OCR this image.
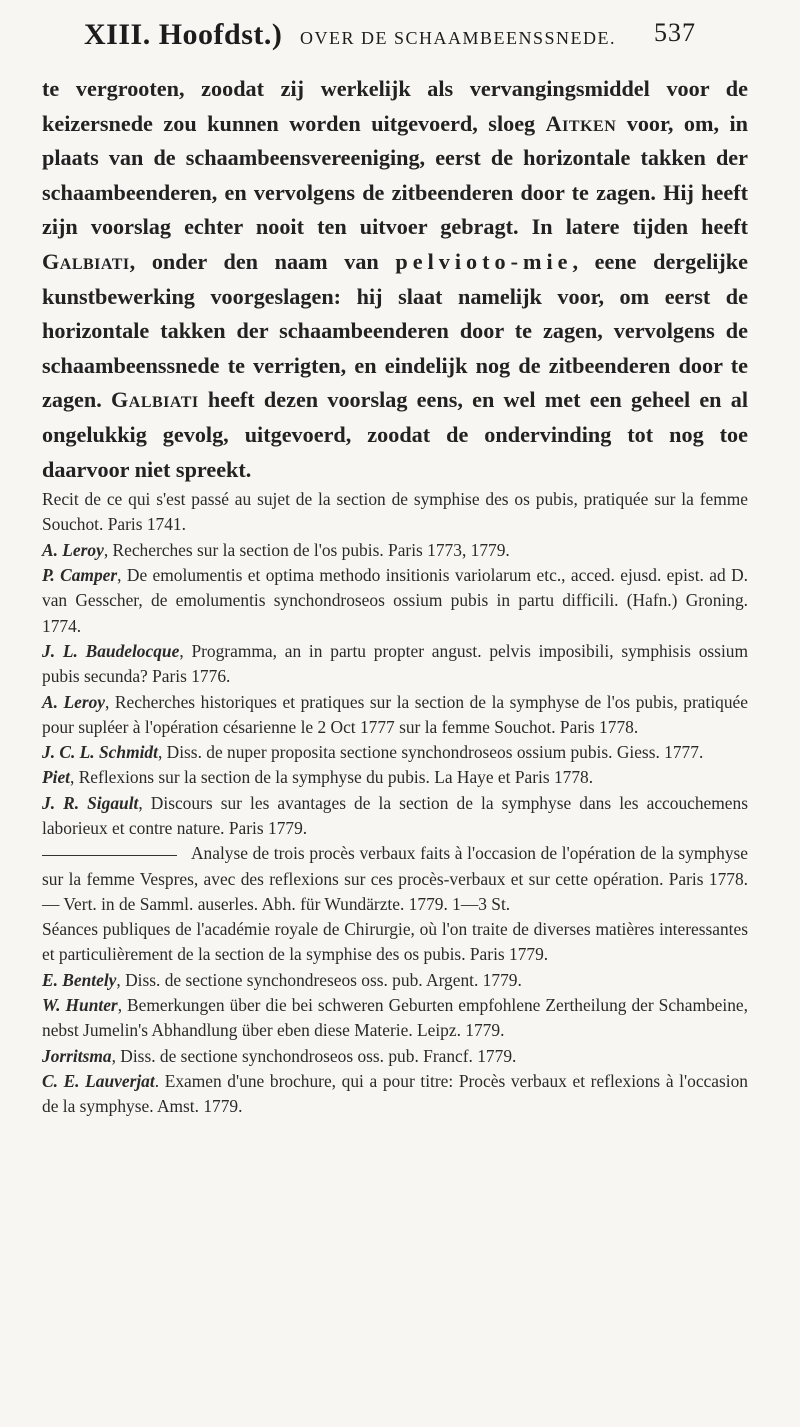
XIII. Hoofdst.) OVER DE SCHAAMBEENSSNEDE. 537

te vergrooten, zoodat zij werkelijk als vervangingsmiddel voor de keizersnede zou kunnen worden uitgevoerd, sloeg Aitken voor, om, in plaats van de schaambeensvereeniging, eerst de horizontale takken der schaambeenderen, en vervolgens de zitbeenderen door te zagen. Hij heeft zijn voorslag echter nooit ten uitvoer gebragt. In latere tijden heeft Galbiati, onder den naam van pelvioto-mie, eene dergelijke kunstbewerking voorgeslagen: hij slaat namelijk voor, om eerst de horizontale takken der schaambeenderen door te zagen, vervolgens de schaambeenssnede te verrigten, en eindelijk nog de zitbeenderen door te zagen. Galbiati heeft dezen voorslag eens, en wel met een geheel en al ongelukkig gevolg, uitgevoerd, zoodat de ondervinding tot nog toe daarvoor niet spreekt.

Recit de ce qui s'est passé au sujet de la section de symphise des os pubis, pratiquée sur la femme Souchot. Paris 1741.

A. Leroy, Recherches sur la section de l'os pubis. Paris 1773, 1779.

P. Camper, De emolumentis et optima methodo insitionis variolarum etc., acced. ejusd. epist. ad D. van Gesscher, de emolumentis synchondroseos ossium pubis in partu difficili. (Hafn.) Groning. 1774.

J. L. Baudelocque, Programma, an in partu propter angust. pelvis imposibili, symphisis ossium pubis secunda? Paris 1776.

A. Leroy, Recherches historiques et pratiques sur la section de la symphyse de l'os pubis, pratiquée pour supléer à l'opération césarienne le 2 Oct 1777 sur la femme Souchot. Paris 1778.

J. C. L. Schmidt, Diss. de nuper proposita sectione synchondroseos ossium pubis. Giess. 1777.

Piet, Reflexions sur la section de la symphyse du pubis. La Haye et Paris 1778.

J. R. Sigault, Discours sur les avantages de la section de la symphyse dans les accouchemens laborieux et contre nature. Paris 1779.

Analyse de trois procès verbaux faits à l'occasion de l'opération de la symphyse sur la femme Vespres, avec des reflexions sur ces procès-verbaux et sur cette opération. Paris 1778. — Vert. in de Samml. auserles. Abh. für Wundärzte. 1779. 1—3 St.

Séances publiques de l'académie royale de Chirurgie, où l'on traite de diverses matières interessantes et particulièrement de la section de la symphise des os pubis. Paris 1779.

E. Bentely, Diss. de sectione synchondreseos oss. pub. Argent. 1779.

W. Hunter, Bemerkungen über die bei schweren Geburten empfohlene Zertheilung der Schambeine, nebst Jumelin's Abhandlung über eben diese Materie. Leipz. 1779.

Jorritsma, Diss. de sectione synchondroseos oss. pub. Francf. 1779.

C. E. Lauverjat. Examen d'une brochure, qui a pour titre: Procès verbaux et reflexions à l'occasion de la symphyse. Amst. 1779.
